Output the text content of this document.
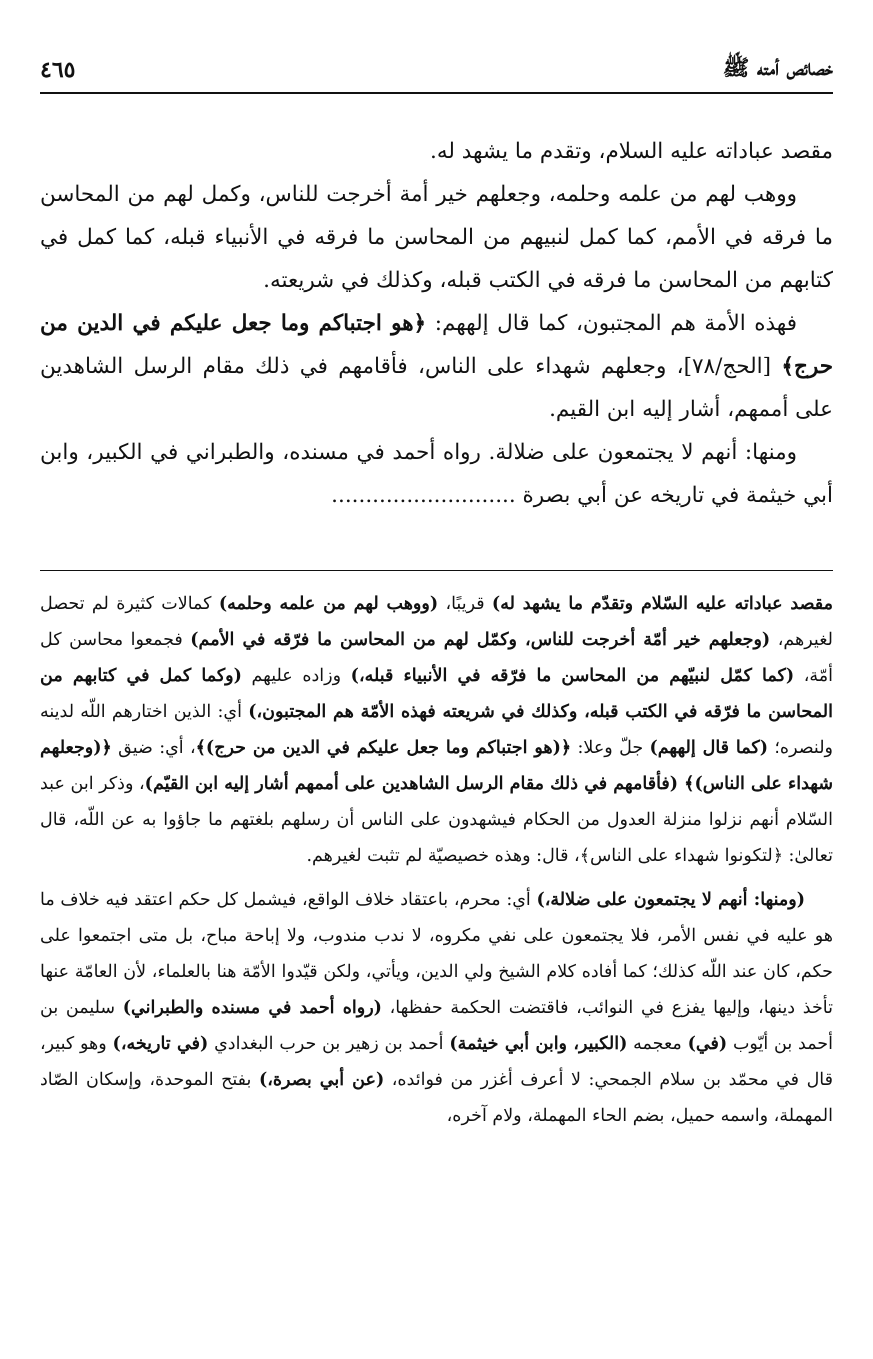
خصائص أمته ﷺ
٤٦٥

مقصد عباداته عليه السلام، وتقدم ما يشهد له.

ووهب لهم من علمه وحلمه، وجعلهم خير أمة أخرجت للناس، وكمل لهم من المحاسن ما فرقه في الأمم، كما كمل لنبيهم من المحاسن ما فرقه في الأنبياء قبله، كما كمل في كتابهم من المحاسن ما فرقه في الكتب قبله، وكذلك في شريعته.

فهذه الأمة هم المجتبون، كما قال إلههم: ﴿هو اجتباكم وما جعل عليكم في الدين من حرج﴾ [الحج/٧٨]، وجعلهم شهداء على الناس، فأقامهم في ذلك مقام الرسل الشاهدين على أممهم، أشار إليه ابن القيم.

ومنها: أنهم لا يجتمعون على ضلالة. رواه أحمد في مسنده، والطبراني في الكبير، وابن أبي خيثمة في تاريخه عن أبي بصرة ...........................

مقصد عباداته عليه السّلام وتقدّم ما يشهد له) قريبًا، (ووهب لهم من علمه وحلمه) كمالات كثيرة لم تحصل لغيرهم، (وجعلهم خير أمّة أخرجت للناس، وكمّل لهم من المحاسن ما فرّقه في الأمم) فجمعوا محاسن كل أمّة، (كما كمّل لنبيّهم من المحاسن ما فرّقه في الأنبياء قبله،) وزاده عليهم (وكما كمل في كتابهم من المحاسن ما فرّقه في الكتب قبله، وكذلك في شريعته فهذه الأمّة هم المجتبون،) أي: الذين اختارهم اللّه لدينه ولنصره؛ (كما قال إلههم) جلّ وعلا: ﴿(هو اجتباكم وما جعل عليكم في الدين من حرج)﴾، أي: ضيق ﴿(وجعلهم شهداء على الناس)﴾ (فأقامهم في ذلك مقام الرسل الشاهدين على أممهم أشار إليه ابن القيّم)، وذكر ابن عبد السّلام أنهم نزلوا منزلة العدول من الحكام فيشهدون على الناس أن رسلهم بلغتهم ما جاؤوا به عن اللّه، قال تعالىٰ: ﴿لتكونوا شهداء على الناس﴾، قال: وهذه خصيصيّة لم تثبت لغيرهم.

(ومنها: أنهم لا يجتمعون على ضلالة،) أي: محرم، باعتقاد خلاف الواقع، فيشمل كل حكم اعتقد فيه خلاف ما هو عليه في نفس الأمر، فلا يجتمعون على نفي مكروه، لا ندب مندوب، ولا إباحة مباح، بل متى اجتمعوا على حكم، كان عند اللّه كذلك؛ كما أفاده كلام الشيخ ولي الدين، ويأتي، ولكن قيّدوا الأمّة هنا بالعلماء، لأن العامّة عنها تأخذ دينها، وإليها يفزع في النوائب، فاقتضت الحكمة حفظها، (رواه أحمد في مسنده والطبراني) سليمن بن أحمد بن أيّوب (في) معجمه (الكبير، وابن أبي خيثمة) أحمد بن زهير بن حرب البغدادي (في تاريخه،) وهو كبير، قال في محمّد بن سلام الجمحي: لا أعرف أغزر من فوائده، (عن أبي بصرة،) بفتح الموحدة، وإسكان الصّاد المهملة، واسمه حميل، بضم الحاء المهملة، ولام آخره،
